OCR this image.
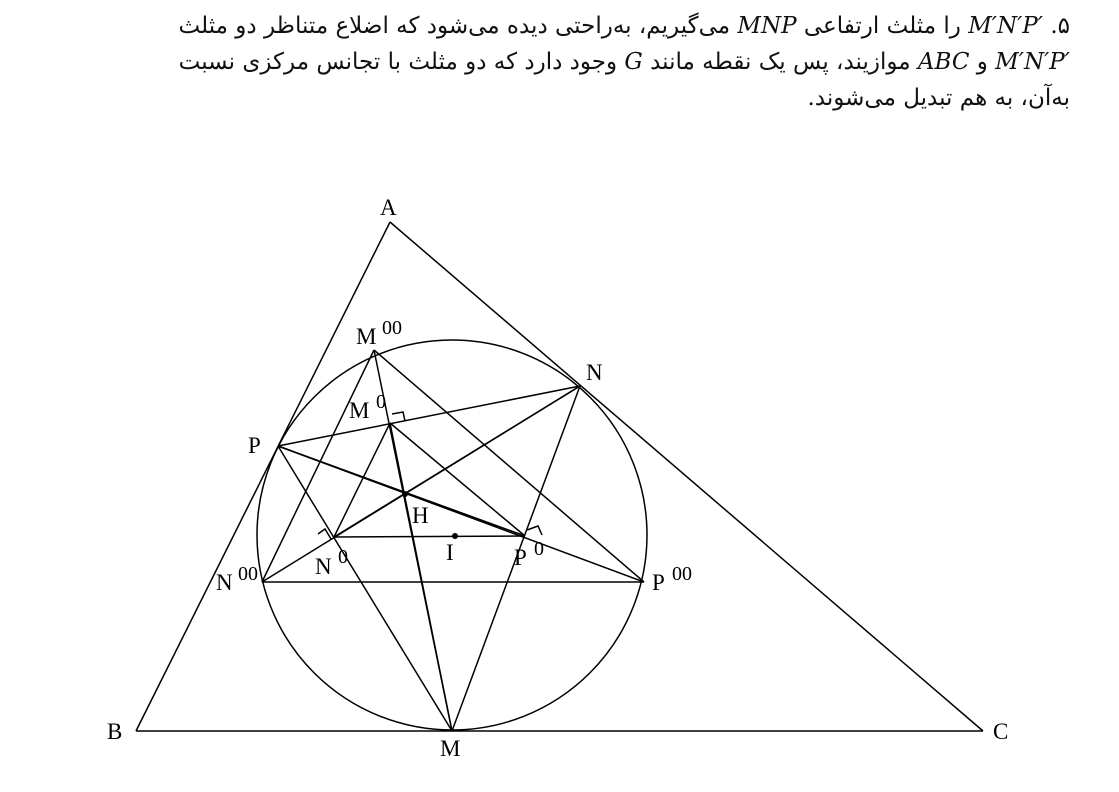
۵. M′N′P′ را مثلث ارتفاعی MNP می‌گیریم، به‌راحتی دیده می‌شود که اضلاع متناظر دو مثلث

M′N′P′ و ABC موازیند، پس یک نقطه مانند G وجود دارد که دو مثلث با تجانس مرکزی نسبت

به‌آن، به هم تبدیل می‌شوند.

A
B	C
M
N
P
H
I
M 0
N 0	P 0
M 00
N 00	P 00
